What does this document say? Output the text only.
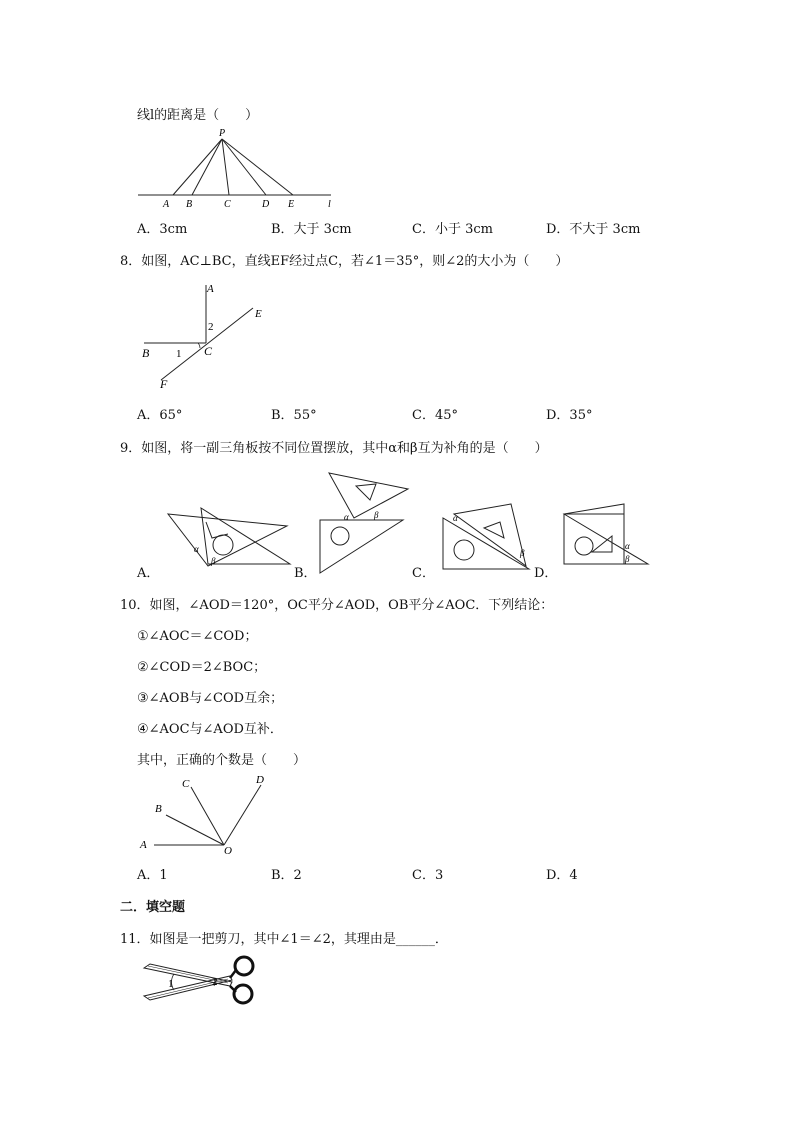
线l的距离是（　　）
P
A B	C	D E	l
A．3cm	B．大于 3cm	C．小于 3cm	D．不大于 3cm
8．如图，AC⊥BC，直线EF经过点C，若∠1＝35°，则∠2的大小为（　　）
A
E
2
B 1 C
F
A．65°	B．55°	C．45°	D．35°
9．如图，将一副三角板按不同位置摆放，其中α和β互为补角的是（　　）
α
β
A．
α	β
B．
α
β
C．
α
β
D．
10．如图，∠AOD＝120°，OC平分∠AOD，OB平分∠AOC．下列结论：
①∠AOC＝∠COD；
②∠COD＝2∠BOC；
③∠AOB与∠COD互余；
④∠AOC与∠AOD互补．
其中，正确的个数是（　　）
D
C
B
A	O
A．1	B．2	C．3	D．4
二．填空题
11．如图是一把剪刀，其中∠1＝∠2，其理由是______．
1	2
